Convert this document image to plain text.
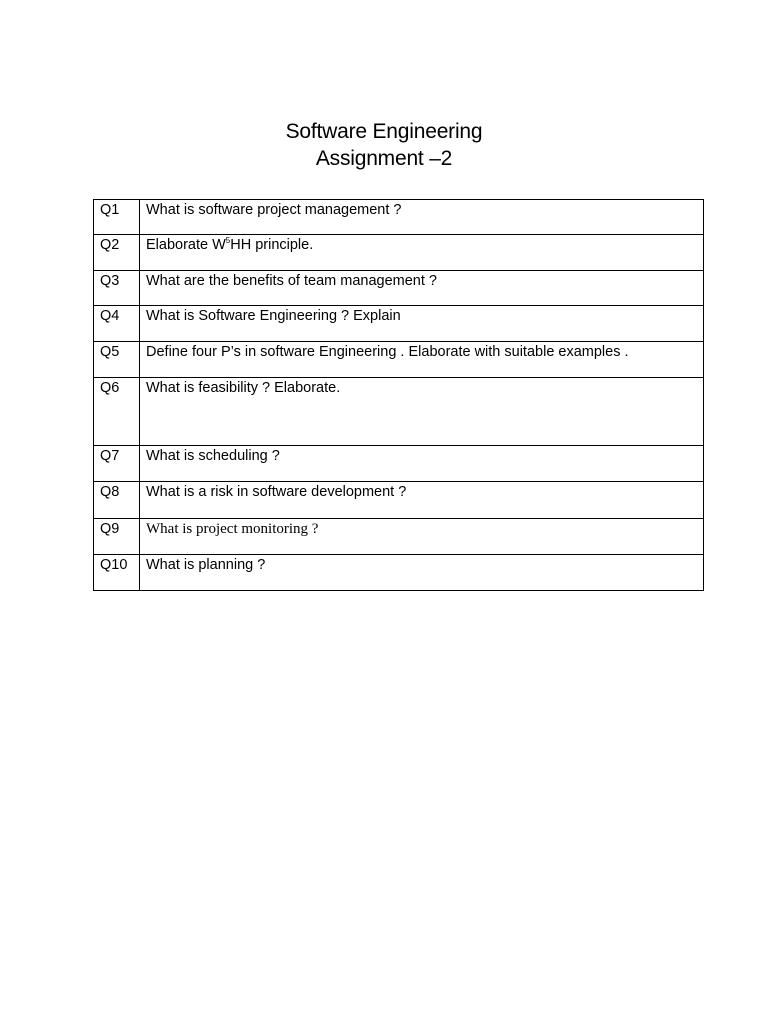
Software Engineering
Assignment –2
Q1	What is software project management ?
Q2	Elaborate $W^5HH$ principle.
Q3	What are the benefits of team management ?
Q4	What is Software Engineering ? Explain
Q5	Define four P’s in software Engineering . Elaborate with suitable examples .
Q6	What is feasibility ? Elaborate.
Q7	What is scheduling ?
Q8	What is a risk in software development ?
Q9	What is project monitoring ?
Q10	What is planning ?
